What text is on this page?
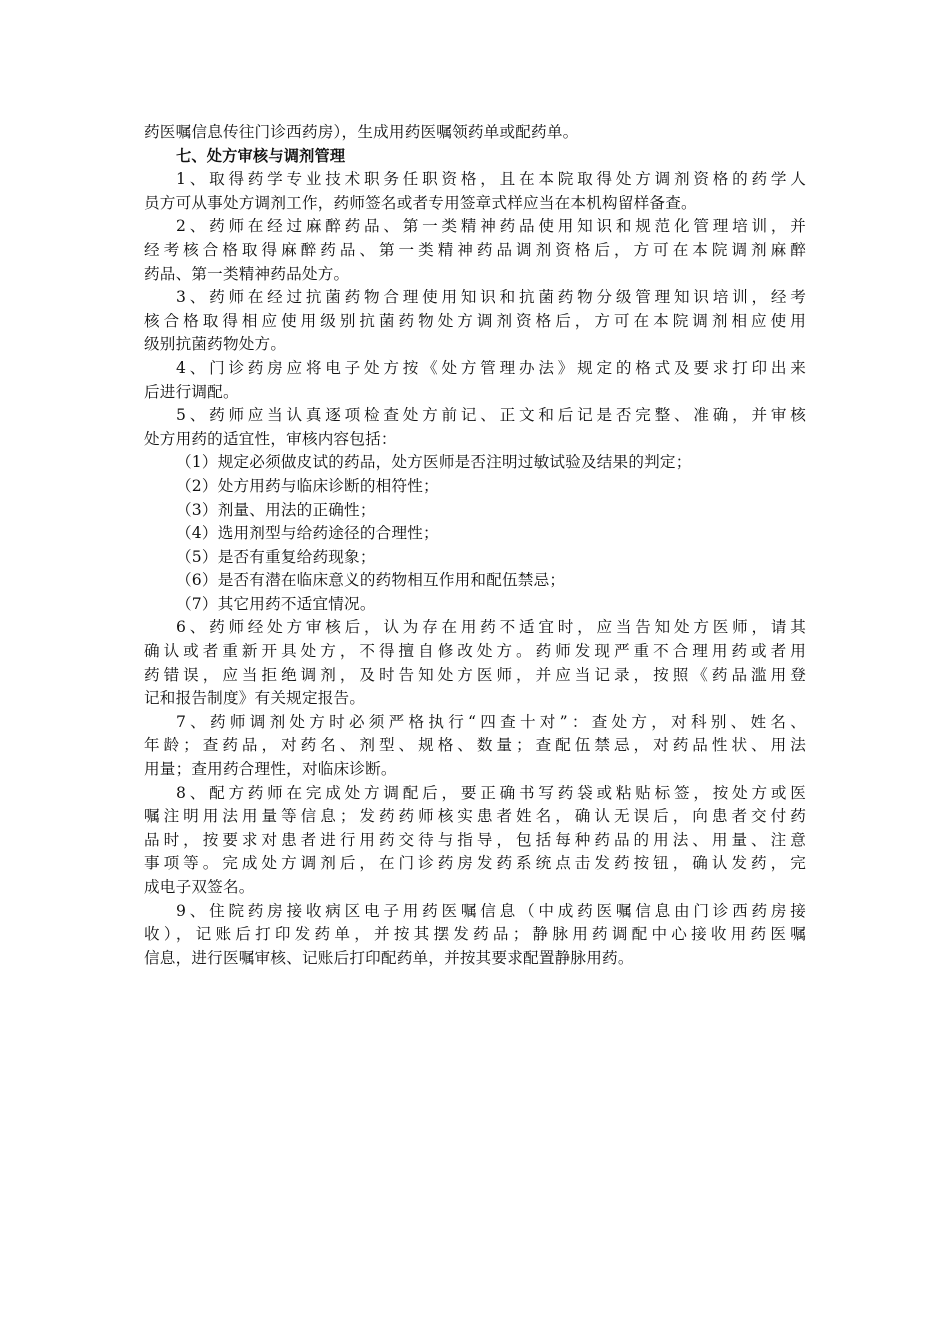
药医嘱信息传往门诊西药房），生成用药医嘱领药单或配药单。
七、处方审核与调剂管理
1、取得药学专业技术职务任职资格，且在本院取得处方调剂资格的药学人
员方可从事处方调剂工作，药师签名或者专用签章式样应当在本机构留样备查。
2、药师在经过麻醉药品、第一类精神药品使用知识和规范化管理培训，并
经考核合格取得麻醉药品、第一类精神药品调剂资格后，方可在本院调剂麻醉
药品、第一类精神药品处方。
3、药师在经过抗菌药物合理使用知识和抗菌药物分级管理知识培训，经考
核合格取得相应使用级别抗菌药物处方调剂资格后，方可在本院调剂相应使用
级别抗菌药物处方。
4、门诊药房应将电子处方按《处方管理办法》规定的格式及要求打印出来
后进行调配。
5、药师应当认真逐项检查处方前记、正文和后记是否完整、准确，并审核
处方用药的适宜性，审核内容包括：
（1）规定必须做皮试的药品，处方医师是否注明过敏试验及结果的判定；
（2）处方用药与临床诊断的相符性；
（3）剂量、用法的正确性；
（4）选用剂型与给药途径的合理性；
（5）是否有重复给药现象；
（6）是否有潜在临床意义的药物相互作用和配伍禁忌；
（7）其它用药不适宜情况。
6、药师经处方审核后，认为存在用药不适宜时，应当告知处方医师，请其
确认或者重新开具处方，不得擅自修改处方。药师发现严重不合理用药或者用
药错误，应当拒绝调剂，及时告知处方医师，并应当记录，按照《药品滥用登
记和报告制度》有关规定报告。
7、药师调剂处方时必须严格执行“四查十对”：查处方，对科别、姓名、
年龄；查药品，对药名、剂型、规格、数量；查配伍禁忌，对药品性状、用法
用量；查用药合理性，对临床诊断。
8、配方药师在完成处方调配后，要正确书写药袋或粘贴标签，按处方或医
嘱注明用法用量等信息；发药药师核实患者姓名，确认无误后，向患者交付药
品时，按要求对患者进行用药交待与指导，包括每种药品的用法、用量、注意
事项等。完成处方调剂后，在门诊药房发药系统点击发药按钮，确认发药，完
成电子双签名。
9、住院药房接收病区电子用药医嘱信息（中成药医嘱信息由门诊西药房接
收），记账后打印发药单，并按其摆发药品；静脉用药调配中心接收用药医嘱
信息，进行医嘱审核、记账后打印配药单，并按其要求配置静脉用药。
